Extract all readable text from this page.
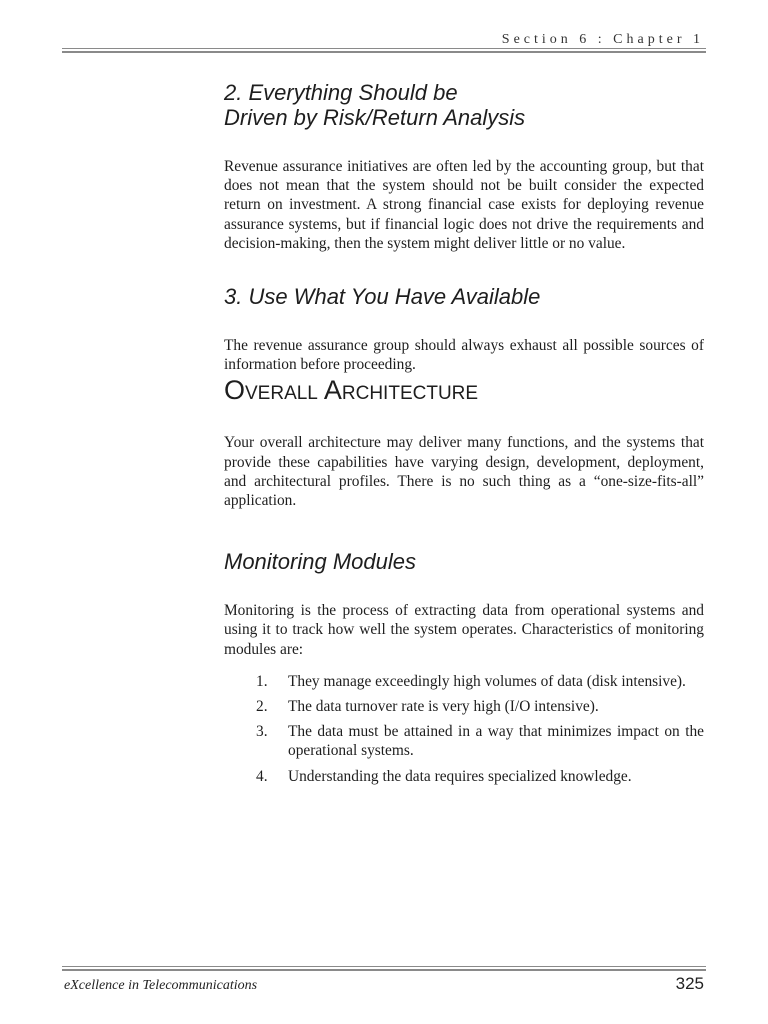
Section 6 : Chapter 1
2. Everything Should be
Driven by Risk/Return Analysis

Revenue assurance initiatives are often led by the accounting group, but that does not mean that the system should not be built consider the expected return on investment. A strong financial case exists for deploying revenue assurance systems, but if financial logic does not drive the requirements and decision-making, then the system might deliver little or no value.

3. Use What You Have Available

The revenue assurance group should always exhaust all possible sources of information before proceeding.

Overall Architecture

Your overall architecture may deliver many functions, and the systems that provide these capabilities have varying design, development, deployment, and architectural profiles. There is no such thing as a “one-size-fits-all” application.

Monitoring Modules

Monitoring is the process of extracting data from operational systems and using it to track how well the system operates. Characteristics of monitoring modules are:

1. They manage exceedingly high volumes of data (disk intensive).
2. The data turnover rate is very high (I/O intensive).
3. The data must be attained in a way that minimizes impact on the operational systems.
4. Understanding the data requires specialized knowledge.
eXcellence in Telecommunications	325
